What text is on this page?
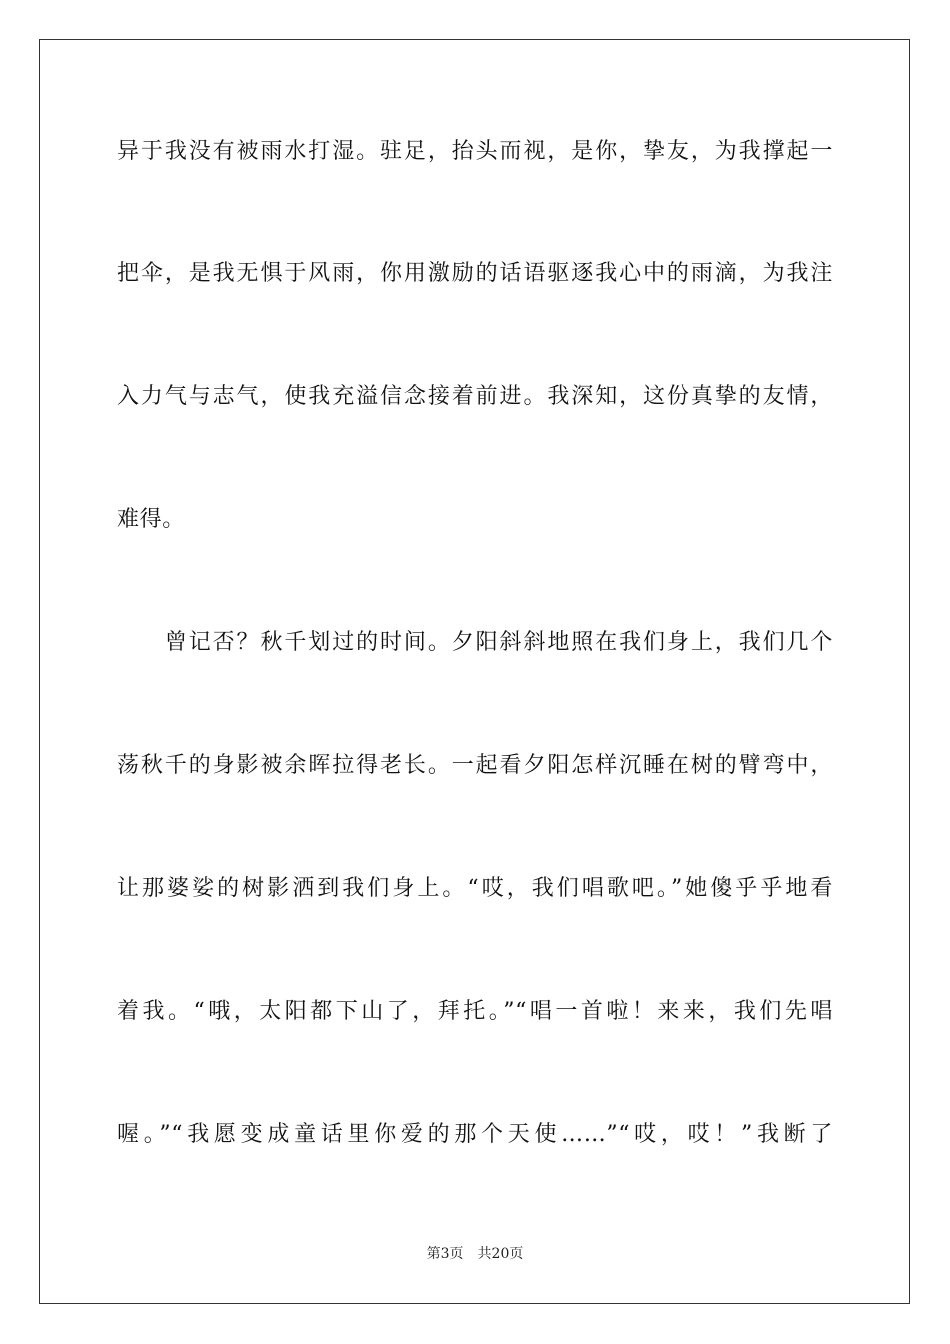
异于我没有被雨水打湿。驻足，抬头而视，是你，挚友，为我撑起一
把伞，是我无惧于风雨，你用激励的话语驱逐我心中的雨滴，为我注
入力气与志气，使我充溢信念接着前进。我深知，这份真挚的友情，
难得。
　　曾记否？秋千划过的时间。夕阳斜斜地照在我们身上，我们几个
荡秋千的身影被余晖拉得老长。一起看夕阳怎样沉睡在树的臂弯中，
让那婆娑的树影洒到我们身上。“哎，我们唱歌吧。”她傻乎乎地看
着我。“哦，太阳都下山了，拜托。”“唱一首啦！来来，我们先唱
喔。”“我愿变成童话里你爱的那个天使……”“哎，哎！”我断了
第3页 共20页
